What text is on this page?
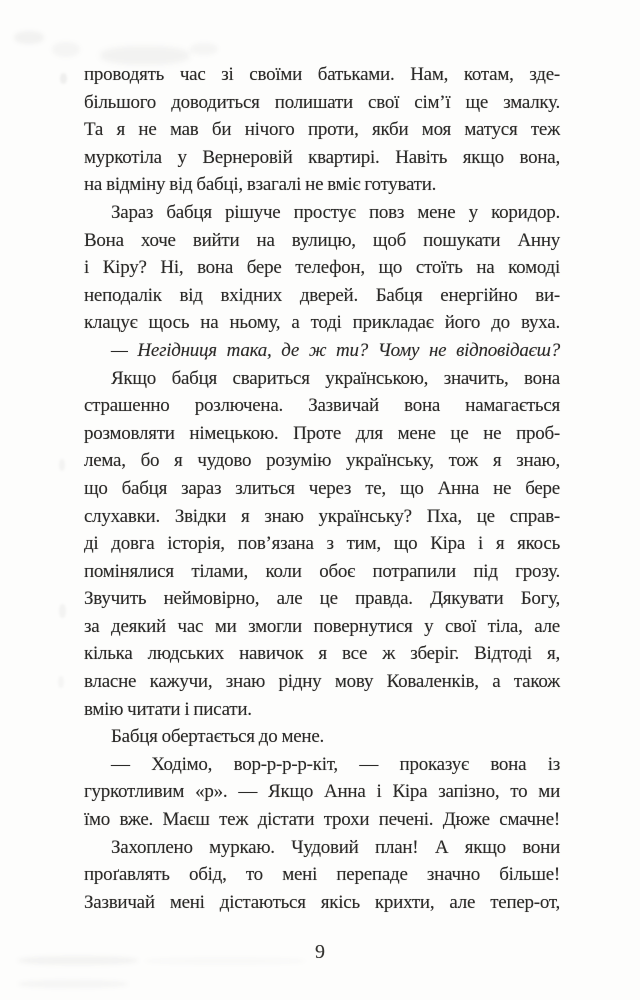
проводять час зі своїми батьками. Нам, котам, зде-
більшого доводиться полишати свої сім’ї ще змалку.
Та я не мав би нічого проти, якби моя матуся теж
муркотіла у Вернеровій квартирі. Навіть якщо вона,
на відміну від бабці, взагалі не вміє готувати.
Зараз бабця рішуче простує повз мене у коридор.
Вона хоче вийти на вулицю, щоб пошукати Анну
і Кіру? Ні, вона бере телефон, що стоїть на комоді
неподалік від вхідних дверей. Бабця енергійно ви-
клацує щось на ньому, а тоді прикладає його до вуха.
— Негідниця така, де ж ти? Чому не відповідаєш?
Якщо бабця свариться українською, значить, вона
страшенно розлючена. Зазвичай вона намагається
розмовляти німецькою. Проте для мене це не проб-
лема, бо я чудово розумію українську, тож я знаю,
що бабця зараз злиться через те, що Анна не бере
слухавки. Звідки я знаю українську? Пха, це справ-
ді довга історія, пов’язана з тим, що Кіра і я якось
помінялися тілами, коли обоє потрапили під грозу.
Звучить неймовірно, але це правда. Дякувати Богу,
за деякий час ми змогли повернутися у свої тіла, але
кілька людських навичок я все ж зберіг. Відтоді я,
власне кажучи, знаю рідну мову Коваленків, а також
вмію читати і писати.
Бабця обертається до мене.
— Ходімо, вор-р-р-р-кіт, — проказує вона із
гуркотливим «р». — Якщо Анна і Кіра запізно, то ми
їмо вже. Маєш теж дістати трохи печені. Дюже смачне!
Захоплено муркаю. Чудовий план! А якщо вони
проґавлять обід, то мені перепаде значно більше!
Зазвичай мені дістаються якісь крихти, але тепер-от,
9
